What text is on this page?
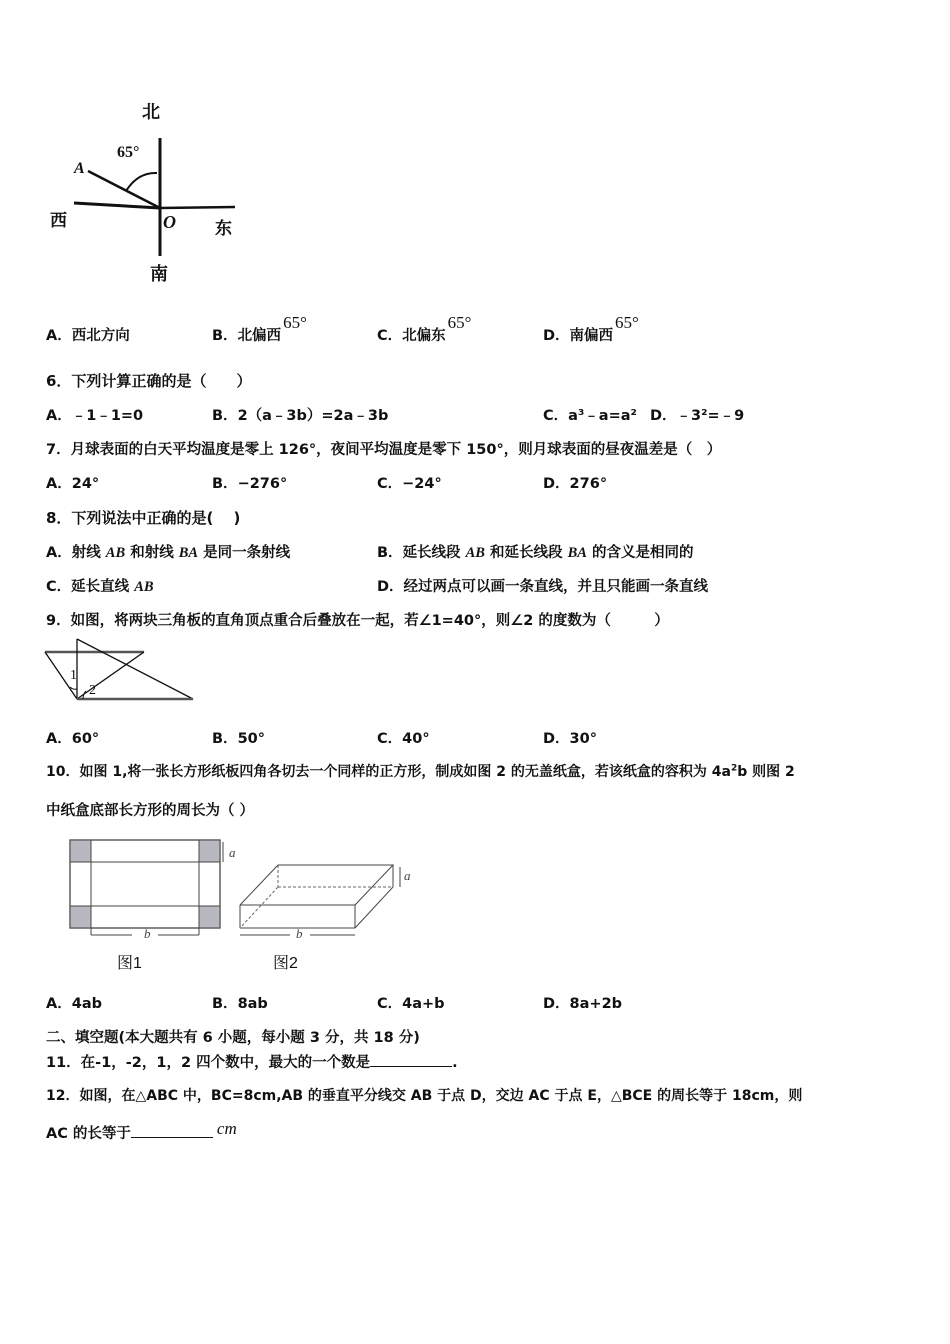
北
65°
A
西	O 东
南
A．西北方向	B．北偏西65°
C．北偏东65°
D．南偏西65°
6．下列计算正确的是（　　）
A．﹣1﹣1=0	B．2（a﹣3b）=2a﹣3b	C．a³﹣a=a² D．﹣3²=﹣9
7．月球表面的白天平均温度是零上 126°，夜间平均温度是零下 150°，则月球表面的昼夜温差是（　）
A．24°	B．−276°	C．−24°	D．276°
8．下列说法中正确的是(　 )
A．射线 AB 和射线 BA 是同一条射线	B．延长线段 AB 和延长线段 BA 的含义是相同的
C．延长直线 AB	D．经过两点可以画一条直线，并且只能画一条直线
9．如图，将两块三角板的直角顶点重合后叠放在一起，若∠1=40°，则∠2 的度数为（　　　）
1
2
A．60°	B．50°	C．40°	D．30°
10．如图 1,将一张长方形纸板四角各切去一个同样的正方形，制成如图 2 的无盖纸盒，若该纸盒的容积为 $4a^2b$ 则图 2
中纸盒底部长方形的周长为（ ）
a
b
图1
a
b
图2
A．4ab	B．8ab	C．4a+b	D．8a+2b
二、填空题(本大题共有 6 小题，每小题 3 分，共 18 分)
11．在-1，-2，1，2 四个数中，最大的一个数是	.
12．如图，在△ABC 中，BC=8cm,AB 的垂直平分线交 AB 于点 D，交边 AC 于点 E，△BCE 的周长等于 18cm，则
AC 的长等于	cm
